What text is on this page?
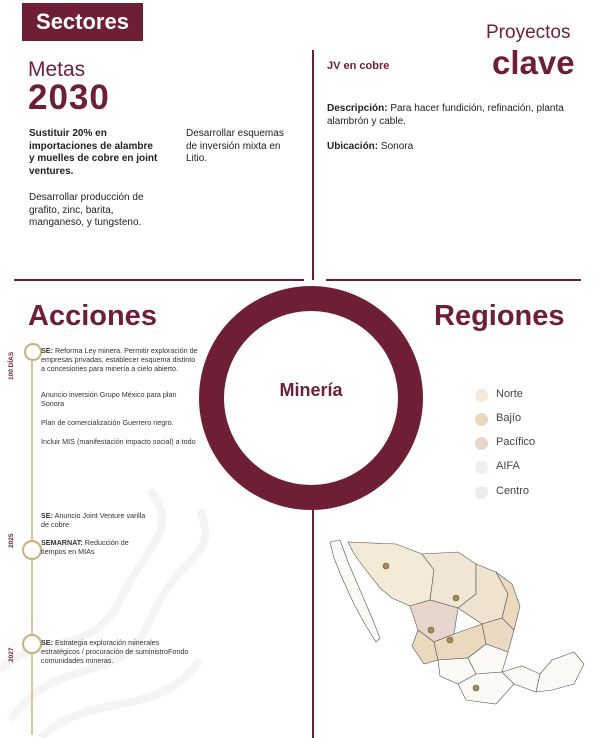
Sectores
Metas
2030
Sustituir 20% en importaciones de alambre y muelles de cobre en joint ventures.
Desarrollar esquemas de inversión mixta en Litio.
Desarrollar producción de grafito, zinc, barita, manganeso, y tungsteno.
Proyectos
clave
JV en cobre
Descripción: Para hacer fundición, refinación, planta alambrón y cable.
Ubicación: Sonora
Acciones	Regiones
Minería
100 DÍAS
2025
2027
SE: Reforma Ley minera. Permitir exploración de empresas privadas, establecer esquema distinto a concesiones para minería a cielo abierto.
Anuncio inversión Grupo México para plan Sonora
Plan de comercialización Guerrero negro.
Incluir MIS (manifestación impacto social) a todo
SE: Anuncio Joint Venture varilla de cobre
SEMARNAT: Reducción de tiempos en MIAs
SE: Estrategia exploración minerales estratégicos / procuración de suministroFondo comunidades mineras.
Norte
Bajío
Pacífico
AIFA
Centro
